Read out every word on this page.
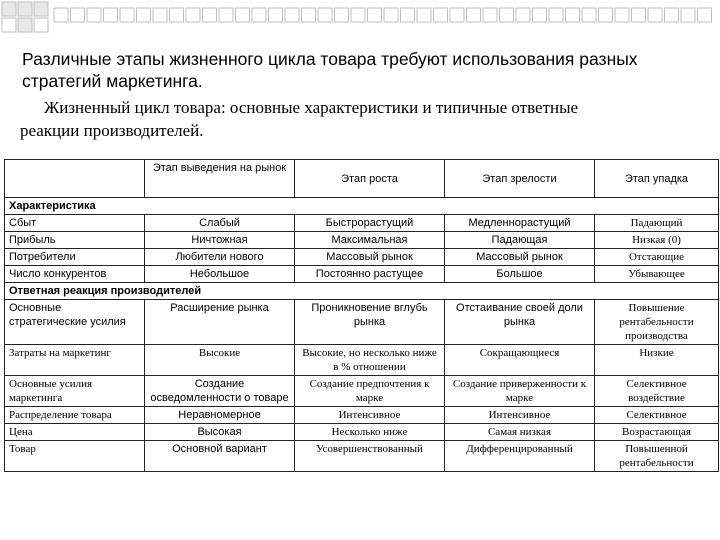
Различные этапы жизненного цикла товара требуют использования разных стратегий маркетинга.
Жизненный цикл товара: основные характеристики и типичные ответные
реакции производителей.
	Этап выведения на рынок	Этап роста	Этап зрелости	Этап упадка
Характеристика				
Сбыт	Слабый	Быстрорастущий	Медленнорастущий	Падающий
Прибыль	Ничтожная	Максимальная	Падающая	Низкая (0)
Потребители	Любители нового	Массовый рынок	Массовый рынок	Отстающие
Число конкурентов	Небольшое	Постоянно растущее	Большое	Убывающее
Ответная реакция производителей				
Основные стратегические усилия	Расширение рынка	Проникновение вглубь рынка	Отстаивание своей доли рынка	Повышение рентабельности производства
Затраты на маркетинг	Высокие	Высокие, но несколько ниже в % отношении	Сокращающиеся	Низкие
Основные усилия маркетинга	Создание осведомленности о товаре	Создание предпочтения к марке	Создание приверженности к марке	Селективное воздействие
Распределение товара	Неравномерное	Интенсивное	Интенсивное	Селективное
Цена	Высокая	Несколько ниже	Самая низкая	Возрастающая
Товар	Основной вариант	Усовершенствованный	Дифференцированный	Повышенной рентабельности
